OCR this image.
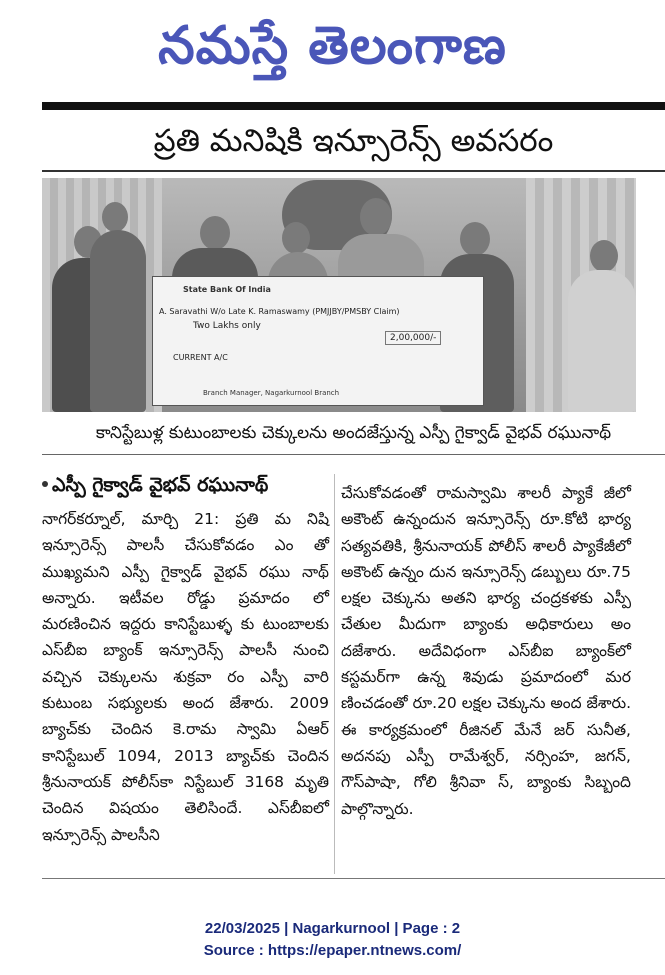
నమస్తే తెలంగాణ
ప్రతి మనిషికి ఇన్సూరెన్స్ అవసరం
State Bank Of India
A. Saravathi W/o Late K. Ramaswamy (PMJJBY/PMSBY Claim)
Two Lakhs only
2,00,000/-
CURRENT A/C
Branch Manager, Nagarkurnool Branch
కానిస్టేబుళ్ల కుటుంబాలకు చెక్కులను అందజేస్తున్న ఎస్పీ గైక్వాడ్ వైభవ్ రఘునాథ్
ఎస్పీ గైక్వాడ్ వైభవ్ రఘునాథ్
నాగర్‌కర్నూల్, మార్చి 21: ప్రతి మ నిషి ఇన్సూరెన్స్ పాలసీ చేసుకోవడం ఎం తో ముఖ్యమని ఎస్పీ గైక్వాడ్ వైభవ్ రఘు నాథ్ అన్నారు. ఇటీవల రోడ్డు ప్రమాదం లో మరణించిన ఇద్దరు కానిస్టేబుళ్ళ కు టుంబాలకు ఎస్‌బీఐ బ్యాంక్ ఇన్సూరెన్స్ పాలసీ నుంచి వచ్చిన చెక్కులను శుక్రవా రం ఎస్పీ వారి కుటుంబ సభ్యులకు అంద జేశారు. 2009 బ్యాచ్‌కు చెందిన కె.రామ స్వామి ఏఆర్ కానిస్టేబుల్ 1094, 2013 బ్యాచ్‌కు చెందిన శ్రీనునాయక్ పోలీస్‌కా నిస్టేబుల్ 3168 మృతి చెందిన విషయం తెలిసిందే. ఎస్‌బీఐలో ఇన్సూరెన్స్ పాలసీని
చేసుకోవడంతో రామస్వామి శాలరీ ప్యాకే జీలో అకౌంట్ ఉన్నందున ఇన్సూరెన్స్ రూ.కోటి భార్య సత్యవతికి, శ్రీనునాయక్ పోలీస్ శాలరీ ప్యాకేజీలో అకౌంట్ ఉన్నం దున ఇన్సూరెన్స్ డబ్బులు రూ.75 లక్షల చెక్కును అతని భార్య చంద్రకళకు ఎస్పీ చేతుల మీదుగా బ్యాంకు అధికారులు అం దజేశారు. అదేవిధంగా ఎస్‌బీఐ బ్యాంక్‌లో కస్టమర్‌గా ఉన్న శివుడు ప్రమాదంలో మర ణించడంతో రూ.20 లక్షల చెక్కును అంద జేశారు. ఈ కార్యక్రమంలో రీజినల్ మేనే జర్ సునీత, అదనపు ఎస్పీ రామేశ్వర్, నర్సింహ, జగన్, గౌస్‌పాషా, గోలి శ్రీనివా స్, బ్యాంకు సిబ్బంది పాల్గొన్నారు.
22/03/2025 | Nagarkurnool | Page : 2
Source : https://epaper.ntnews.com/
